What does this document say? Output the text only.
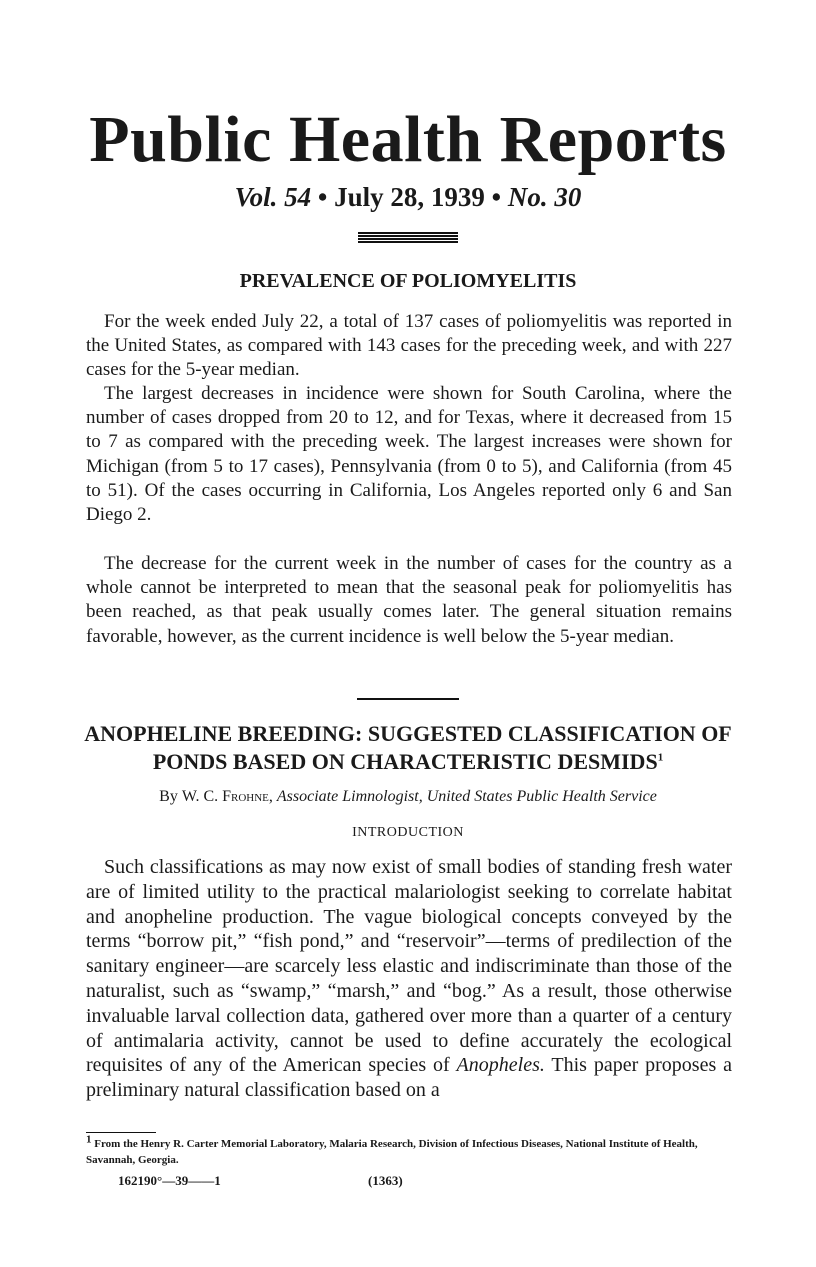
Public Health Reports
Vol. 54 • July 28, 1939 • No. 30
PREVALENCE OF POLIOMYELITIS
For the week ended July 22, a total of 137 cases of poliomyelitis was reported in the United States, as compared with 143 cases for the preceding week, and with 227 cases for the 5-year median.
The largest decreases in incidence were shown for South Carolina, where the number of cases dropped from 20 to 12, and for Texas, where it decreased from 15 to 7 as compared with the preceding week. The largest increases were shown for Michigan (from 5 to 17 cases), Pennsylvania (from 0 to 5), and California (from 45 to 51). Of the cases occurring in California, Los Angeles reported only 6 and San Diego 2.
The decrease for the current week in the number of cases for the country as a whole cannot be interpreted to mean that the seasonal peak for poliomyelitis has been reached, as that peak usually comes later. The general situation remains favorable, however, as the current incidence is well below the 5-year median.
ANOPHELINE BREEDING: SUGGESTED CLASSIFICATION OF PONDS BASED ON CHARACTERISTIC DESMIDS$^1$
By W. C. Frohne, Associate Limnologist, United States Public Health Service
INTRODUCTION
Such classifications as may now exist of small bodies of standing fresh water are of limited utility to the practical malariologist seeking to correlate habitat and anopheline production. The vague biological concepts conveyed by the terms “borrow pit,” “fish pond,” and “reservoir”—terms of predilection of the sanitary engineer—are scarcely less elastic and indiscriminate than those of the naturalist, such as “swamp,” “marsh,” and “bog.” As a result, those otherwise invaluable larval collection data, gathered over more than a quarter of a century of antimalaria activity, cannot be used to define accurately the ecological requisites of any of the American species of Anopheles. This paper proposes a preliminary natural classification based on a
$^1$ From the Henry R. Carter Memorial Laboratory, Malaria Research, Division of Infectious Diseases, National Institute of Health, Savannah, Georgia.
162190°—39——1	(1363)
